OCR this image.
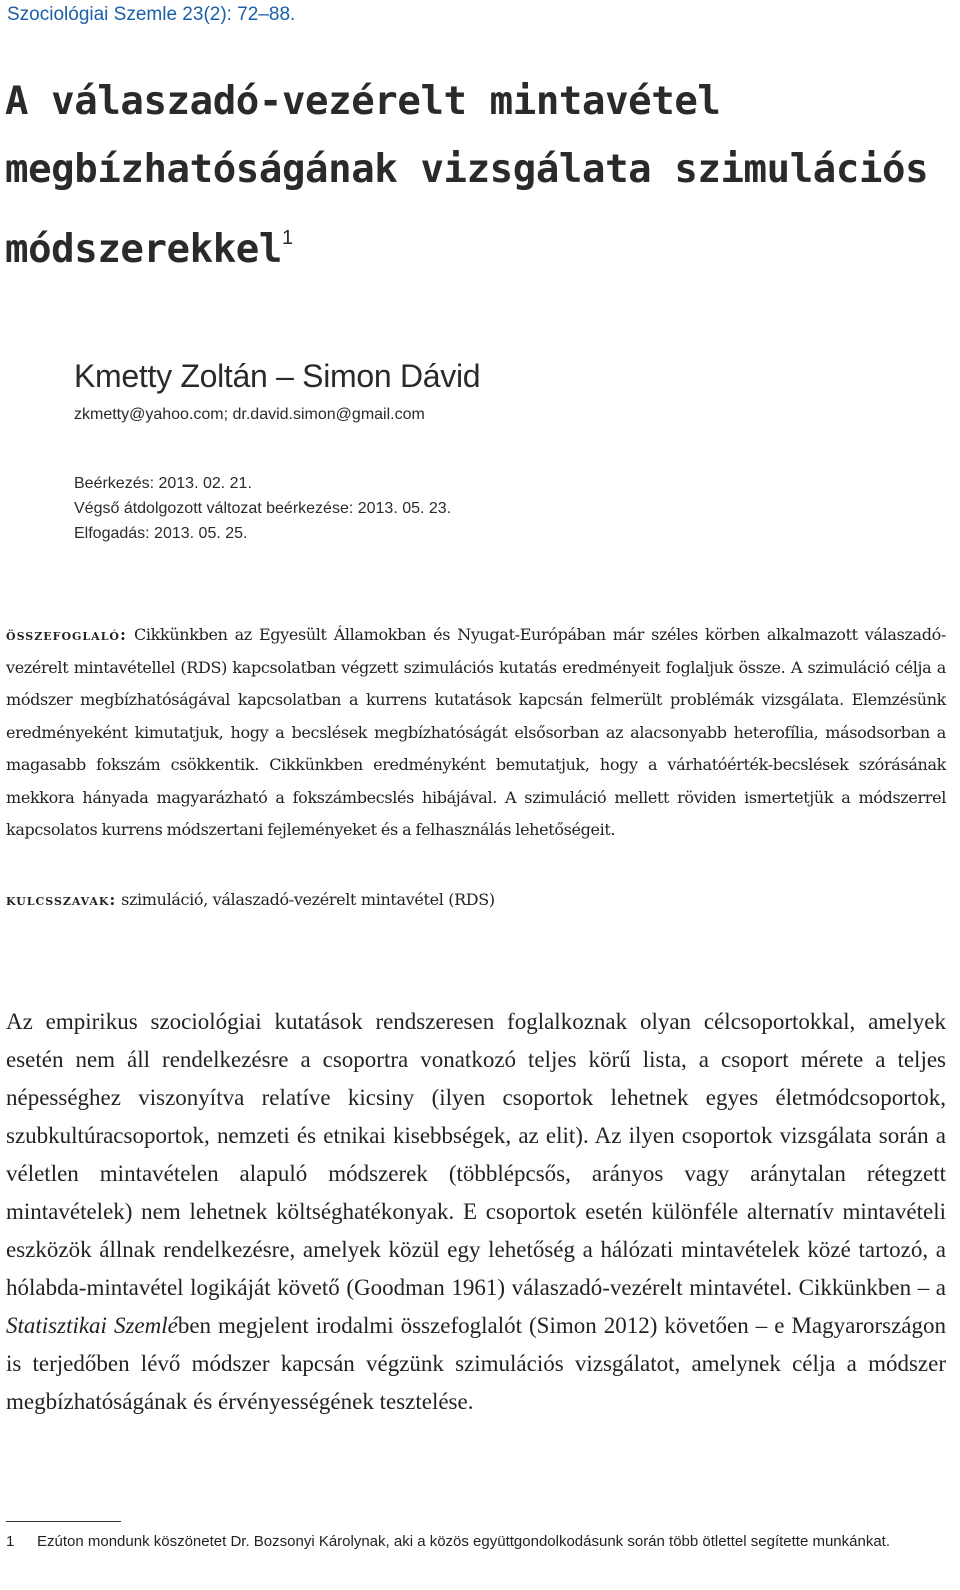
Szociológiai Szemle 23(2): 72–88.
A válaszadó-vezérelt mintavétel megbízhatóságának vizsgálata szimulációs módszerekkel$^1$
Kmetty Zoltán – Simon Dávid
zkmetty@yahoo.com; dr.david.simon@gmail.com
Beérkezés: 2013. 02. 21.
Végső átdolgozott változat beérkezése: 2013. 05. 23.
Elfogadás: 2013. 05. 25.

összefoglaló: Cikkünkben az Egyesült Államokban és Nyugat-Európában már széles körben alkalmazott válaszadó-vezérelt mintavétellel (RDS) kapcsolatban végzett szimulációs kutatás eredményeit foglaljuk össze. A szimuláció célja a módszer megbízhatóságával kapcsolatban a kurrens kutatások kapcsán felmerült problémák vizsgálata. Elemzésünk eredményeként kimutatjuk, hogy a becslések megbízhatóságát elsősorban az alacsonyabb heterofília, másodsorban a magasabb fokszám csökkentik. Cikkünkben eredményként bemutatjuk, hogy a várhatóérték-becslések szórásának mekkora hányada magyarázható a fokszámbecslés hibájával. A szimuláció mellett röviden ismertetjük a módszerrel kapcsolatos kurrens módszertani fejleményeket és a felhasználás lehetőségeit.

kulcsszavak: szimuláció, válaszadó-vezérelt mintavétel (RDS)

Az empirikus szociológiai kutatások rendszeresen foglalkoznak olyan célcsoportokkal, amelyek esetén nem áll rendelkezésre a csoportra vonatkozó teljes körű lista, a csoport mérete a teljes népességhez viszonyítva relatíve kicsiny (ilyen csoportok lehetnek egyes életmódcsoportok, szubkultúracsoportok, nemzeti és etnikai kisebbségek, az elit). Az ilyen csoportok vizsgálata során a véletlen mintavételen alapuló módszerek (többlépcsős, arányos vagy aránytalan rétegzett mintavételek) nem lehetnek költséghatékonyak. E csoportok esetén különféle alternatív mintavételi eszközök állnak rendelkezésre, amelyek közül egy lehetőség a hálózati mintavételek közé tartozó, a hólabda-mintavétel logikáját követő (Goodman 1961) válaszadó-vezérelt mintavétel. Cikkünkben – a Statisztikai Szemlében megjelent irodalmi összefoglalót (Simon 2012) követően – e Magyarországon is terjedőben lévő módszer kapcsán végzünk szimulációs vizsgálatot, amelynek célja a módszer megbízhatóságának és érvényességének tesztelése.

1 Ezúton mondunk köszönetet Dr. Bozsonyi Károlynak, aki a közös együttgondolkodásunk során több ötlettel segítette munkánkat.
